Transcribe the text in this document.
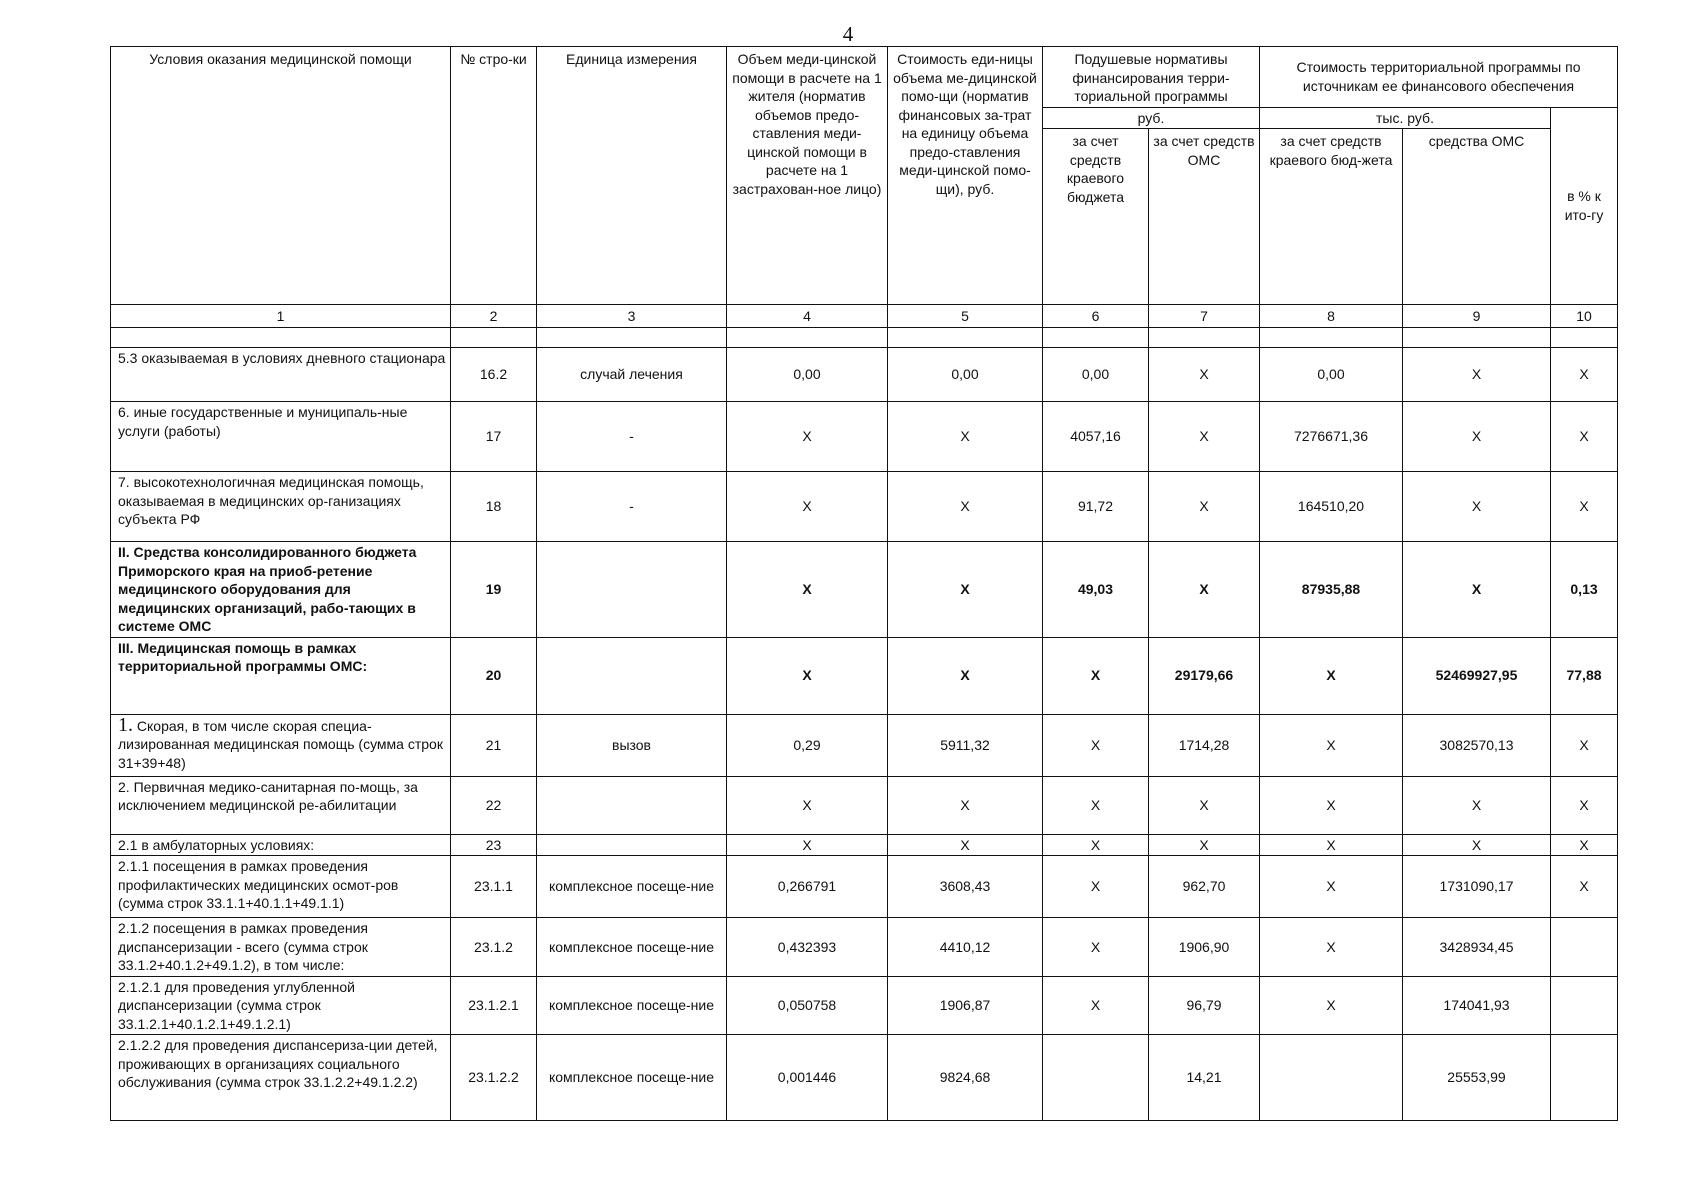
4
Условия оказания медицинской помощи	№ стро-ки	Единица измерения	Объем меди-цинской помощи в расчете на 1 жителя (норматив объемов предо-ставления меди-цинской помощи в расчете на 1 застрахован-ное лицо)	Стоимость еди-ницы объема ме-дицинской помо-щи (норматив финансовых за-трат на единицу объема предо-ставления меди-цинской помо-щи), руб.	Подушевые нормативы финансирования терри-ториальной программы		Стоимость территориальной программы по источникам ее финансового обеспечения		
					руб.		тыс. руб.		в % к ито-гу
					за счет средств краевого бюджета	за счет средств ОМС	за счет средств краевого бюд-жета	средства ОМС	
1	2	3	4	5	6	7	8	9	10

5.3 оказываемая в условиях дневного стационара	16.2	случай лечения	0,00	0,00	0,00	Х	0,00	Х	Х
6. иные государственные и муниципаль-ные услуги (работы)	17	-	Х	Х	4057,16	Х	7276671,36	Х	Х
7. высокотехнологичная медицинская помощь, оказываемая в медицинских ор-ганизациях субъекта РФ	18	-	Х	Х	91,72	Х	164510,20	Х	Х
II. Средства консолидированного бюджета Приморского края на приоб-ретение медицинского оборудования для медицинских организаций, рабо-тающих в системе ОМС	19		Х	Х	49,03	Х	87935,88	Х	0,13
III. Медицинская помощь в рамках территориальной программы ОМС:	20		Х	Х	Х	29179,66	Х	52469927,95	77,88
1. Скорая, в том числе скорая специа-лизированная медицинская помощь (сумма строк 31+39+48)	21	вызов	0,29	5911,32	Х	1714,28	Х	3082570,13	Х
2. Первичная медико-санитарная по-мощь, за исключением медицинской ре-абилитации	22		Х	Х	Х	Х	Х	Х	Х
2.1 в амбулаторных условиях:	23		Х	Х	Х	Х	Х	Х	Х
2.1.1 посещения в рамках проведения профилактических медицинских осмот-ров (сумма строк 33.1.1+40.1.1+49.1.1)	23.1.1	комплексное посеще-ние	0,266791	3608,43	Х	962,70	Х	1731090,17	Х
2.1.2 посещения в рамках проведения диспансеризации - всего (сумма строк 33.1.2+40.1.2+49.1.2), в том числе:	23.1.2	комплексное посеще-ние	0,432393	4410,12	Х	1906,90	Х	3428934,45	
2.1.2.1 для проведения углубленной диспансеризации (сумма строк 33.1.2.1+40.1.2.1+49.1.2.1)	23.1.2.1	комплексное посеще-ние	0,050758	1906,87	Х	96,79	Х	174041,93	
2.1.2.2 для проведения диспансериза-ции детей, проживающих в организациях социального обслуживания (сумма строк 33.1.2.2+49.1.2.2)	23.1.2.2	комплексное посеще-ние	0,001446	9824,68		14,21		25553,99	
